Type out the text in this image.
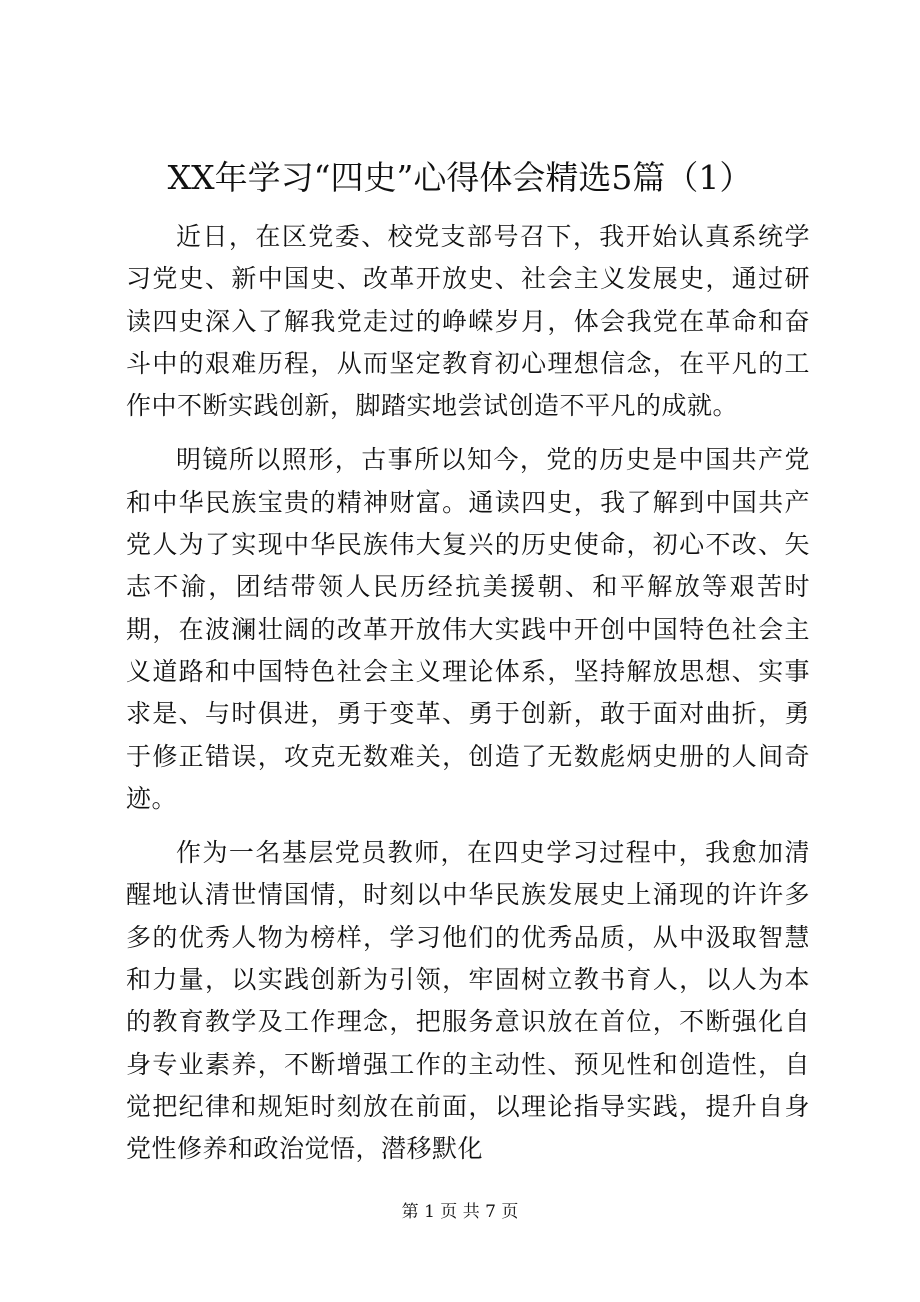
XX年学习“四史”心得体会精选5篇（1）

近日，在区党委、校党支部号召下，我开始认真系统学习党史、新中国史、改革开放史、社会主义发展史，通过研读四史深入了解我党走过的峥嵘岁月，体会我党在革命和奋斗中的艰难历程，从而坚定教育初心理想信念，在平凡的工作中不断实践创新，脚踏实地尝试创造不平凡的成就。

明镜所以照形，古事所以知今，党的历史是中国共产党和中华民族宝贵的精神财富。通读四史，我了解到中国共产党人为了实现中华民族伟大复兴的历史使命，初心不改、矢志不渝，团结带领人民历经抗美援朝、和平解放等艰苦时期，在波澜壮阔的改革开放伟大实践中开创中国特色社会主义道路和中国特色社会主义理论体系，坚持解放思想、实事求是、与时俱进，勇于变革、勇于创新，敢于面对曲折，勇于修正错误，攻克无数难关，创造了无数彪炳史册的人间奇迹。

作为一名基层党员教师，在四史学习过程中，我愈加清醒地认清世情国情，时刻以中华民族发展史上涌现的许许多多的优秀人物为榜样，学习他们的优秀品质，从中汲取智慧和力量，以实践创新为引领，牢固树立教书育人，以人为本的教育教学及工作理念，把服务意识放在首位，不断强化自身专业素养，不断增强工作的主动性、预见性和创造性，自觉把纪律和规矩时刻放在前面，以理论指导实践，提升自身党性修养和政治觉悟，潜移默化

第 1 页 共 7 页
